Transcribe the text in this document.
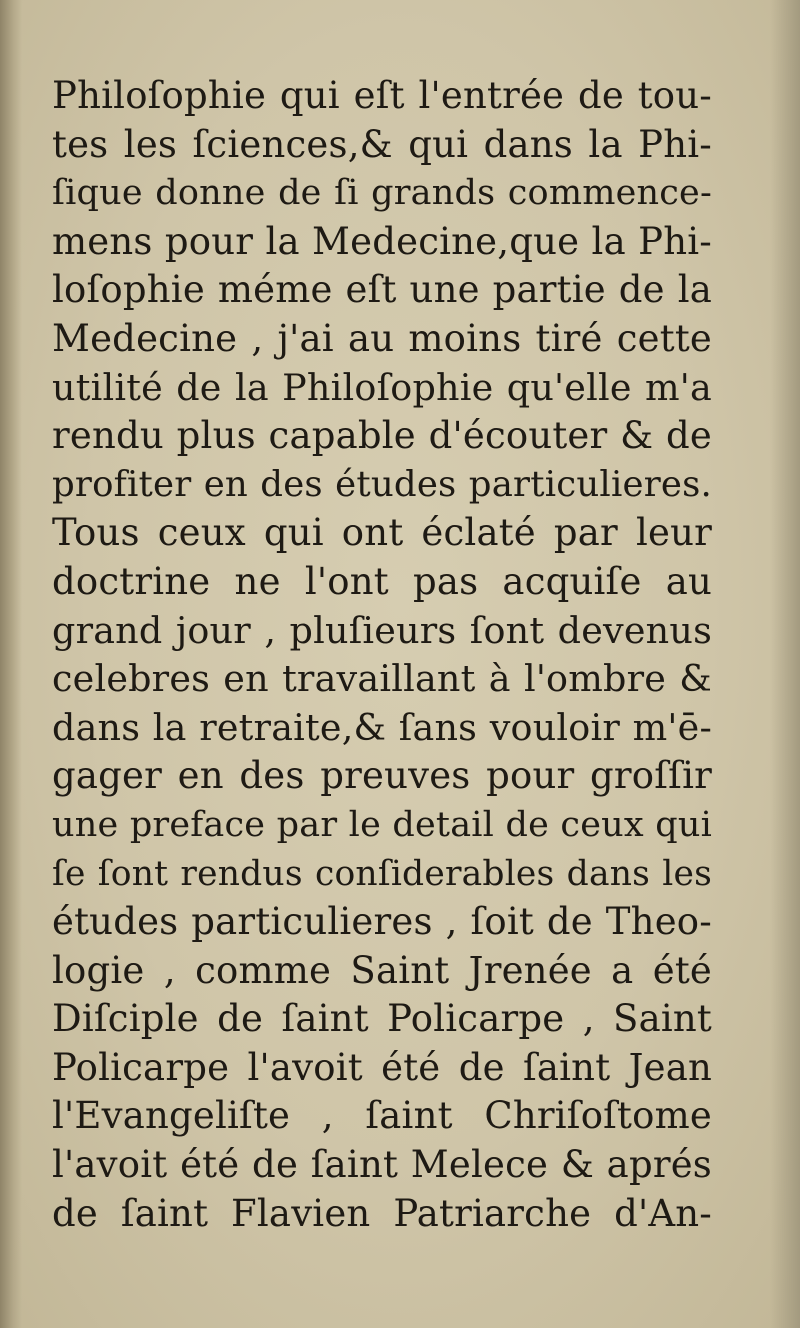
Philoſophie qui eſt l'entrée de tou-
tes les ſciences,& qui dans la Phi-
ſique donne de ſi grands commence-
mens pour la Medecine,que la Phi-
loſophie méme eſt une partie de la
Medecine , j'ai au moins tiré cette
utilité de la Philoſophie qu'elle m'a
rendu plus capable d'écouter & de
profiter en des études particulieres.
Tous ceux qui ont éclaté par leur
doctrine ne l'ont pas acquiſe au
grand jour , pluſieurs ſont devenus
celebres en travaillant à l'ombre &
dans la retraite,& ſans vouloir m'ē-
gager en des preuves pour groſſir
une preface par le detail de ceux qui
ſe ſont rendus conſiderables dans les
études particulieres , ſoit de Theo-
logie , comme Saint Jrenée a été
Diſciple de ſaint Policarpe , Saint
Policarpe l'avoit été de ſaint Jean
l'Evangeliſte , ſaint Chriſoſtome
l'avoit été de ſaint Melece & aprés
de ſaint Flavien Patriarche d'An-
